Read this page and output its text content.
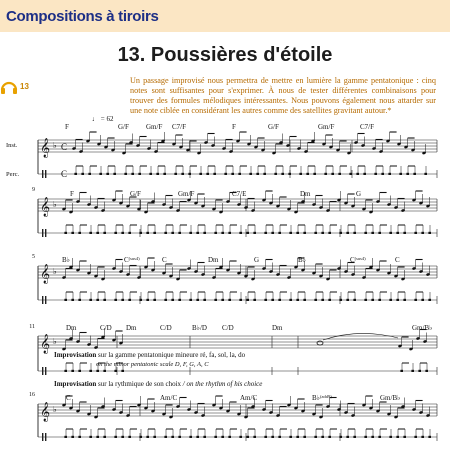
Compositions à tiroirs
13. Poussières d'étoile
13
Un passage improvisé nous permettra de mettre en lumière la gamme pentatonique : cinq notes sont suffisantes pour s'exprimer. À nous de tester différentes combinaisons pour trouver des formules mélodiques intéressantes. Nous pouvons également nous attarder sur une note ciblée en considérant les autres comme des satellites gravitant autour.*
♩ = 62
Inst.
Perc.
𝄞 ♭ C
C
F	G/F Gm/F C7/F	F	G/F	Gm/F	C7/F
𝄞 ♭
9	F	G/F	Gm/F	C7/E	Dm	G
𝄞 ♭
5	B♭	$C^{(sus4)}$	C	Dm	G	B♭	$C^{(sus4)}$	C
𝄞 ♭
11	Dm	C/D Dm	C/D	B♭/D C/D	Dm	Gm/B♭
𝄞 ♭
16	C	Am/C	Am/C	B♭$^{(add9)}$	Gm/B♭
Improvisation sur la gamme pentatonique mineure ré, fa, sol, la, do
on the minor pentatonic scale D, F, G, A, C
Improvisation sur la rythmique de son choix / on the rhythm of his choice
